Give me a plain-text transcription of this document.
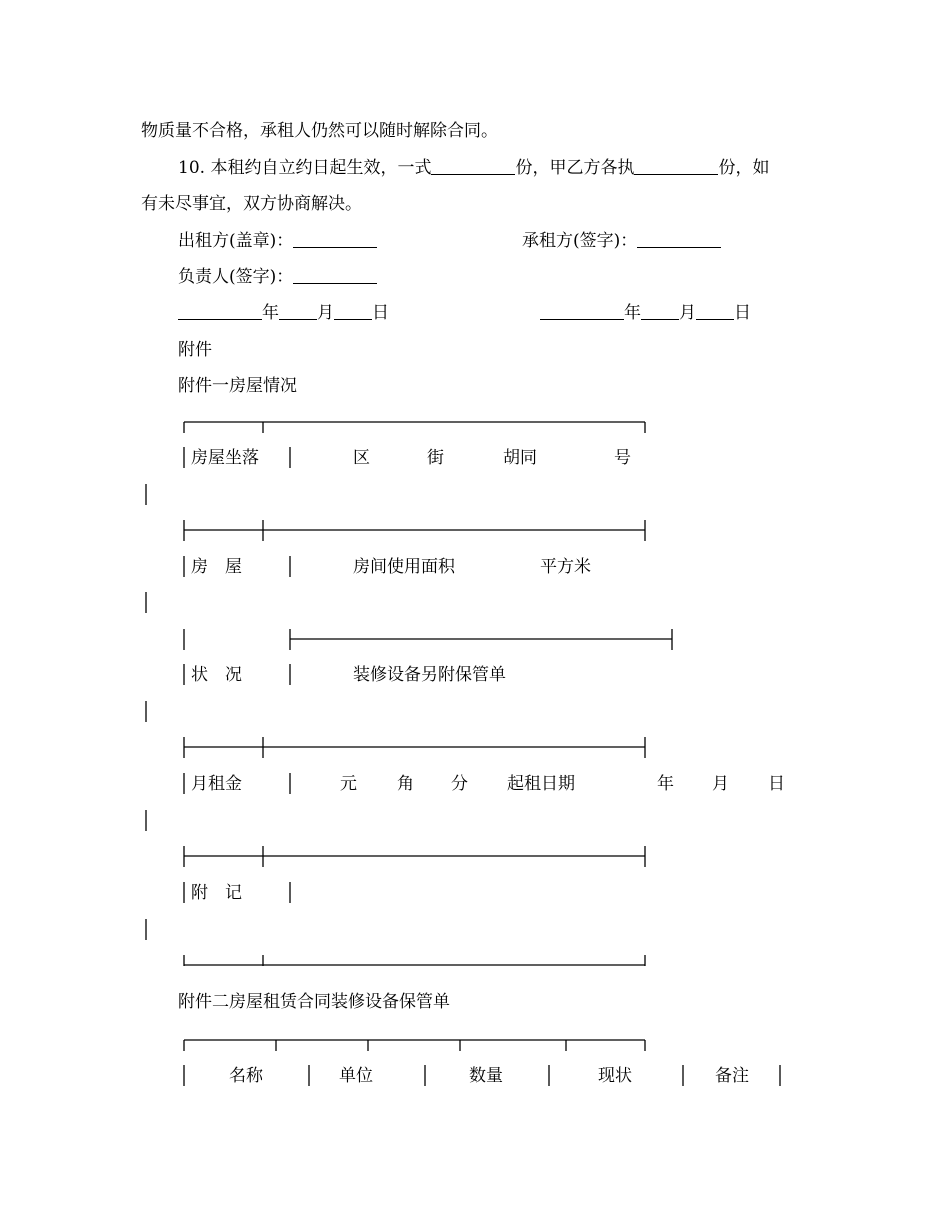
物质量不合格，承租人仍然可以随时解除合同。
10. 本租约自立约日起生效，一式	份，甲乙方各执	份，如
有未尽事宜，双方协商解决。
出租方(盖章)：	承租方(签字)：
负责人(签字)：
年 月 日	年 月 日
附件
附件一房屋情况
房屋坐落	区	街	胡同	号
房　屋	房间使用面积	平方米
状　况	装修设备另附保管单
月租金	元 角 分 起租日期	年 月 日
附　记
附件二房屋租赁合同装修设备保管单
名称	单位	数量	现状	备注
